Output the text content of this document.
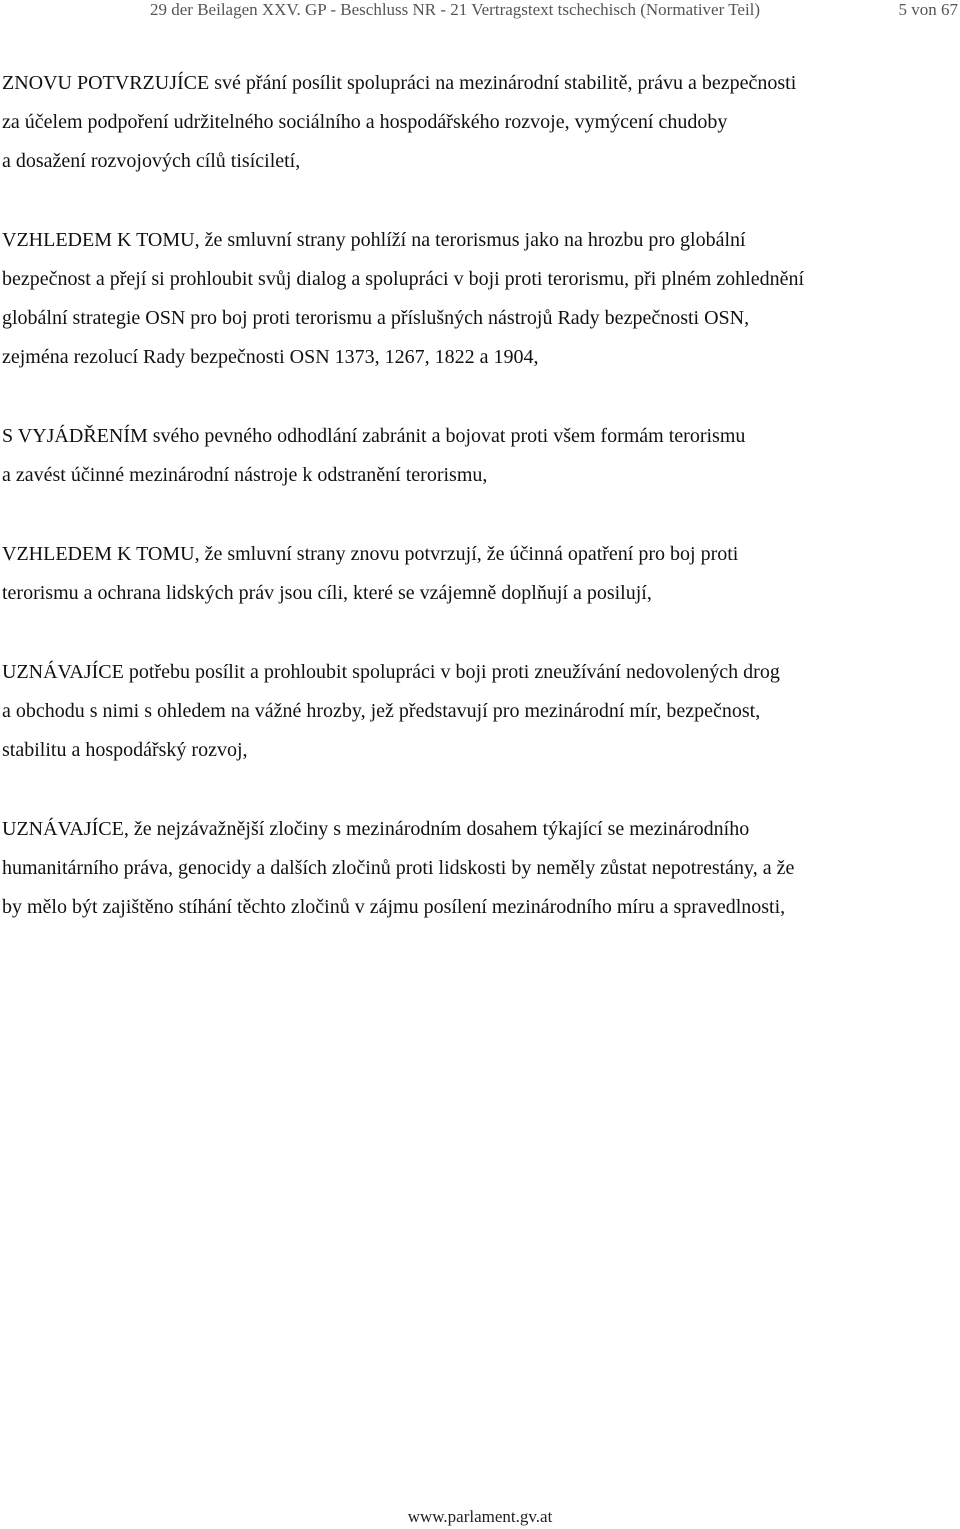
29 der Beilagen XXV. GP - Beschluss NR - 21 Vertragstext tschechisch (Normativer Teil)	5 von 67
ZNOVU POTVRZUJÍCE své přání posílit spolupráci na mezinárodní stabilitě, právu a bezpečnosti
za účelem podpoření udržitelného sociálního a hospodářského rozvoje, vymýcení chudoby
a dosažení rozvojových cílů tisíciletí,
VZHLEDEM K TOMU, že smluvní strany pohlíží na terorismus jako na hrozbu pro globální
bezpečnost a přejí si prohloubit svůj dialog a spolupráci v boji proti terorismu, při plném zohlednění
globální strategie OSN pro boj proti terorismu a příslušných nástrojů Rady bezpečnosti OSN,
zejména rezolucí Rady bezpečnosti OSN 1373, 1267, 1822 a 1904,
S VYJÁDŘENÍM svého pevného odhodlání zabránit a bojovat proti všem formám terorismu
a zavést účinné mezinárodní nástroje k odstranění terorismu,
VZHLEDEM K TOMU, že smluvní strany znovu potvrzují, že účinná opatření pro boj proti
terorismu a ochrana lidských práv jsou cíli, které se vzájemně doplňují a posilují,
UZNÁVAJÍCE potřebu posílit a prohloubit spolupráci v boji proti zneužívání nedovolených drog
a obchodu s nimi s ohledem na vážné hrozby, jež představují pro mezinárodní mír, bezpečnost,
stabilitu a hospodářský rozvoj,
UZNÁVAJÍCE, že nejzávažnější zločiny s mezinárodním dosahem týkající se mezinárodního
humanitárního práva, genocidy a dalších zločinů proti lidskosti by neměly zůstat nepotrestány, a že
by mělo být zajištěno stíhání těchto zločinů v zájmu posílení mezinárodního míru a spravedlnosti,
www.parlament.gv.at
